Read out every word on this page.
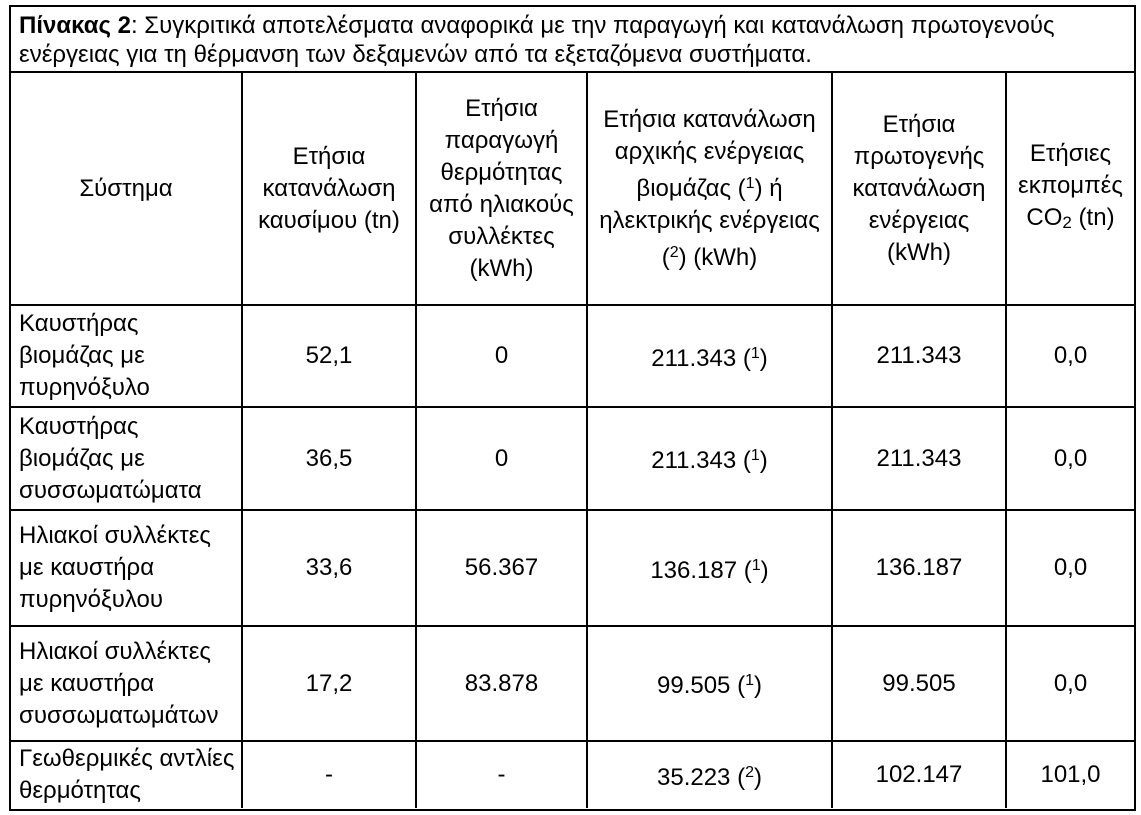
Πίνακας 2: Συγκριτικά αποτελέσματα αναφορικά με την παραγωγή και κατανάλωση πρωτογενούς ενέργειας για τη θέρμανση των δεξαμενών από τα εξεταζόμενα συστήματα.
Σύστημα	Ετήσια κατανάλωση καυσίμου (tn)	Ετήσια παραγωγή θερμότητας από ηλιακούς συλλέκτες (kWh)	Ετήσια κατανάλωση αρχικής ενέργειας βιομάζας ($^1$) ή ηλεκτρικής ενέργειας ($^2$) (kWh)	Ετήσια πρωτογενής κατανάλωση ενέργειας (kWh)	Ετήσιες εκπομπές $CO_2$ (tn)
Καυστήρας βιομάζας με πυρηνόξυλο	52,1	0	211.343 ($^1$)	211.343	0,0
Καυστήρας βιομάζας με συσσωματώματα	36,5	0	211.343 ($^1$)	211.343	0,0
Ηλιακοί συλλέκτες με καυστήρα πυρηνόξυλου	33,6	56.367	136.187 ($^1$)	136.187	0,0
Ηλιακοί συλλέκτες με καυστήρα συσσωματωμάτων	17,2	83.878	99.505 ($^1$)	99.505	0,0
Γεωθερμικές αντλίες θερμότητας	-	-	35.223 ($^2$)	102.147	101,0
